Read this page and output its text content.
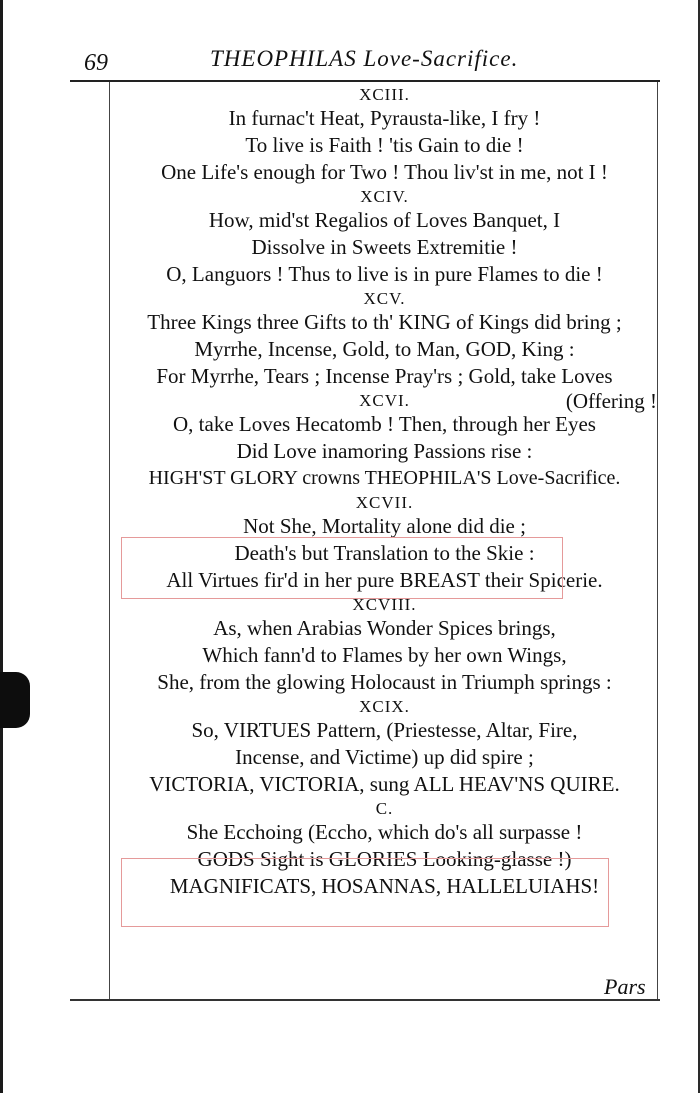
69	THEOPHILAS Love-Sacrifice.
XCIII.
In furnac't Heat, Pyrausta-like, I fry !
To live is Faith ! 'tis Gain to die !
One Life's enough for Two ! Thou liv'st in me, not I !
XCIV.
How, mid'st Regalios of Loves Banquet, I
Dissolve in Sweets Extremitie !
O, Languors ! Thus to live is in pure Flames to die !
XCV.
Three Kings three Gifts to th' KING of Kings did bring ;
Myrrhe, Incense, Gold, to Man, GOD, King :
For Myrrhe, Tears ; Incense Pray'rs ; Gold, take Loves
XCVI.	(Offering !
O, take Loves Hecatomb ! Then, through her Eyes
Did Love inamoring Passions rise :
HIGH'ST GLORY crowns THEOPHILA'S Love-Sacrifice.
XCVII.
Not She, Mortality alone did die ;
Death's but Translation to the Skie :
All Virtues fir'd in her pure BREAST their Spicerie.
XCVIII.
As, when Arabias Wonder Spices brings,
Which fann'd to Flames by her own Wings,
She, from the glowing Holocaust in Triumph springs :
XCIX.
So, VIRTUES Pattern, (Priestesse, Altar, Fire,
Incense, and Victime) up did spire ;
VICTORIA, VICTORIA, sung ALL HEAV'NS QUIRE.
C.
She Ecchoing (Eccho, which do's all surpasse !
GODS Sight is GLORIES Looking-glasse !)
MAGNIFICATS, HOSANNAS, HALLELUIAHS!
Pars
